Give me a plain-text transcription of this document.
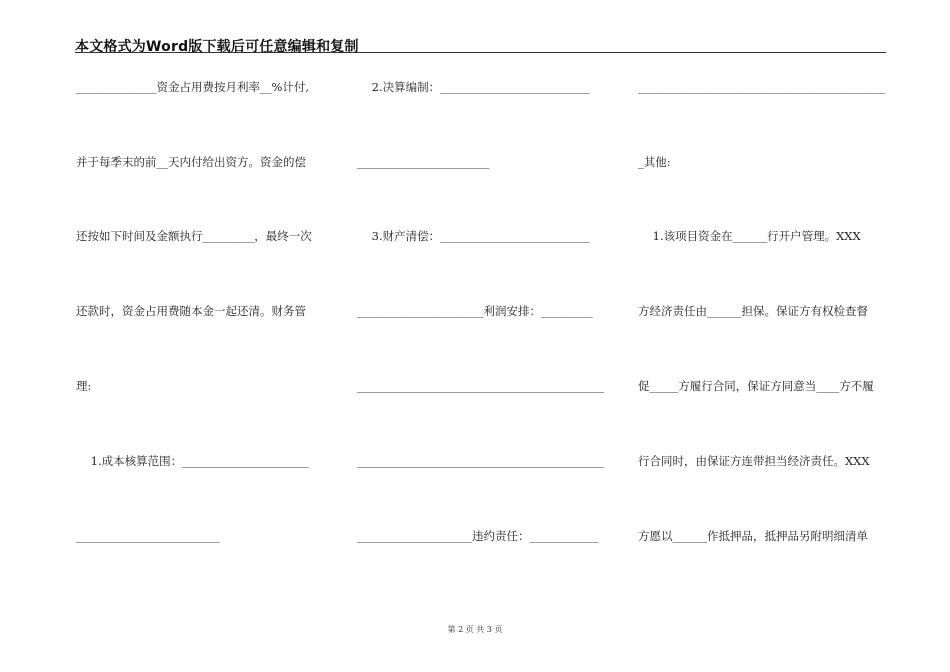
本文格式为Word版下载后可任意编辑和复制
______________资金占用费按月利率__%计付,
并于每季末的前__天内付给出资方。资金的偿
还按如下时间及金额执行_________，最终一次
还款时，资金占用费随本金一起还清。财务管
理:
1.成本核算范围：______________________
_________________________
2.决算编制：__________________________
_______________________
3.财产清偿：__________________________
______________________利润安排：_________
___________________________________________
___________________________________________
____________________违约责任：____________
___________________________________________
_其他:
1.该项目资金在______行开户管理。XXX
方经济责任由______担保。保证方有权检查督
促_____方履行合同，保证方同意当____方不履
行合同时，由保证方连带担当经济责任。XXX
方愿以______作抵押品，抵押品另附明细清单
第 2 页 共 3 页
